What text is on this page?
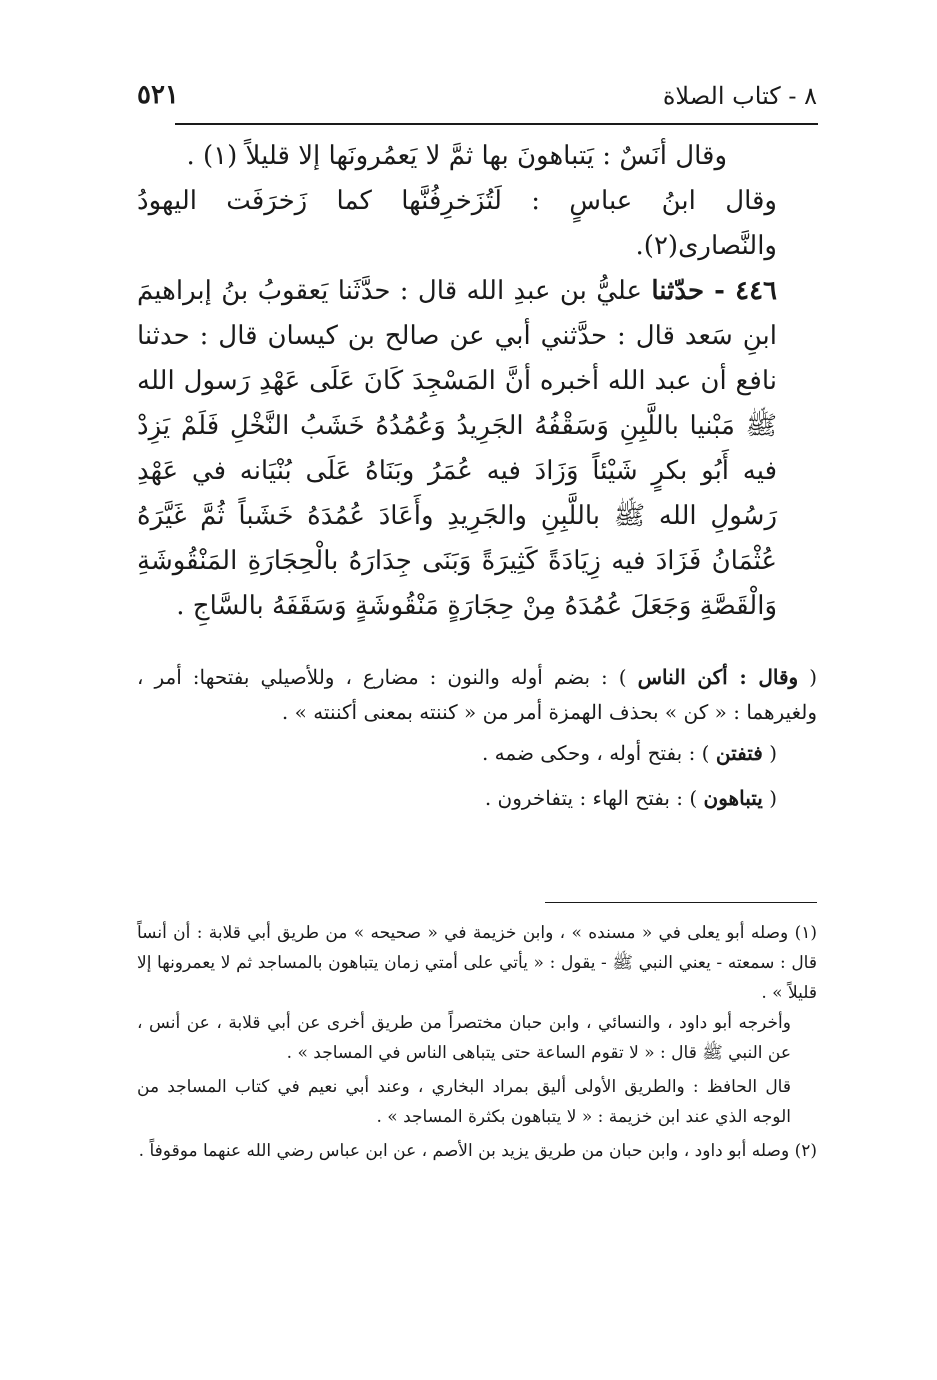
٨ - كتاب الصلاة
٥٢١

وقال أنَسٌ : يَتباهونَ بها ثمَّ لا يَعمُرونَها إلا قليلاً (١) .

وقال ابنُ عباسٍ : لَتُزَخرِفُنَّها كما زَخرَفَت اليهودُ والنَّصارى(٢).

٤٤٦ - حدّثنا عليُّ بن عبدِ الله قال : حدَّثَنا يَعقوبُ بنُ إبراهيمَ ابنِ سَعد قال : حدَّثني أبي عن صالح بن كيسان قال : حدثنا نافع أن عبد الله أخبره أنَّ المَسْجِدَ كَانَ عَلَى عَهْدِ رَسول الله ﷺ مَبْنيا باللَّبِنِ وَسَقْفُهُ الجَرِيدُ وَعُمُدُهُ خَشَبُ النَّخْلِ فَلَمْ يَزِدْ فيه أَبُو بكرٍ شَيْئاً وَزَادَ فيه عُمَرُ وبَنَاهُ عَلَى بُنْيَانه في عَهْدِ رَسُولِ الله ﷺ باللَّبِنِ والجَرِيدِ وأَعَادَ عُمُدَهُ خَشَباً ثُمَّ غَيَّرَهُ عُثْمَانُ فَزَادَ فيه زِيَادَةً كَثِيرَةً وَبَنَى جِدَارَهُ بالْحِجَارَةِ المَنْقُوشَةِ وَالْقَصَّةِ وَجَعَلَ عُمُدَهُ مِنْ حِجَارَةٍ مَنْقُوشَةٍ وَسَقَفَهُ بالسَّاجِ .

( وقال : أكن الناس ) : بضم أوله والنون : مضارع ، وللأصيلي بفتحها: أمر ، ولغيرهما : « كن » بحذف الهمزة أمر من « كننته بمعنى أكننته » .

( فتفتن ) : بفتح أوله ، وحكى ضمه .

( يتباهون ) : بفتح الهاء : يتفاخرون .

(١) وصله أبو يعلى في « مسنده » ، وابن خزيمة في « صحيحه » من طريق أبي قلابة : أن أنساً قال : سمعته - يعني النبي ﷺ - يقول : « يأتي على أمتي زمان يتباهون بالمساجد ثم لا يعمرونها إلا قليلاً » .

وأخرجه أبو داود ، والنسائي ، وابن حبان مختصراً من طريق أخرى عن أبي قلابة ، عن أنس ، عن النبي ﷺ قال : « لا تقوم الساعة حتى يتباهى الناس في المساجد » .

قال الحافظ : والطريق الأولى أليق بمراد البخاري ، وعند أبي نعيم في كتاب المساجد من الوجه الذي عند ابن خزيمة : « لا يتباهون بكثرة المساجد » .

(٢) وصله أبو داود ، وابن حبان من طريق يزيد بن الأصم ، عن ابن عباس رضي الله عنهما موقوفاً .
